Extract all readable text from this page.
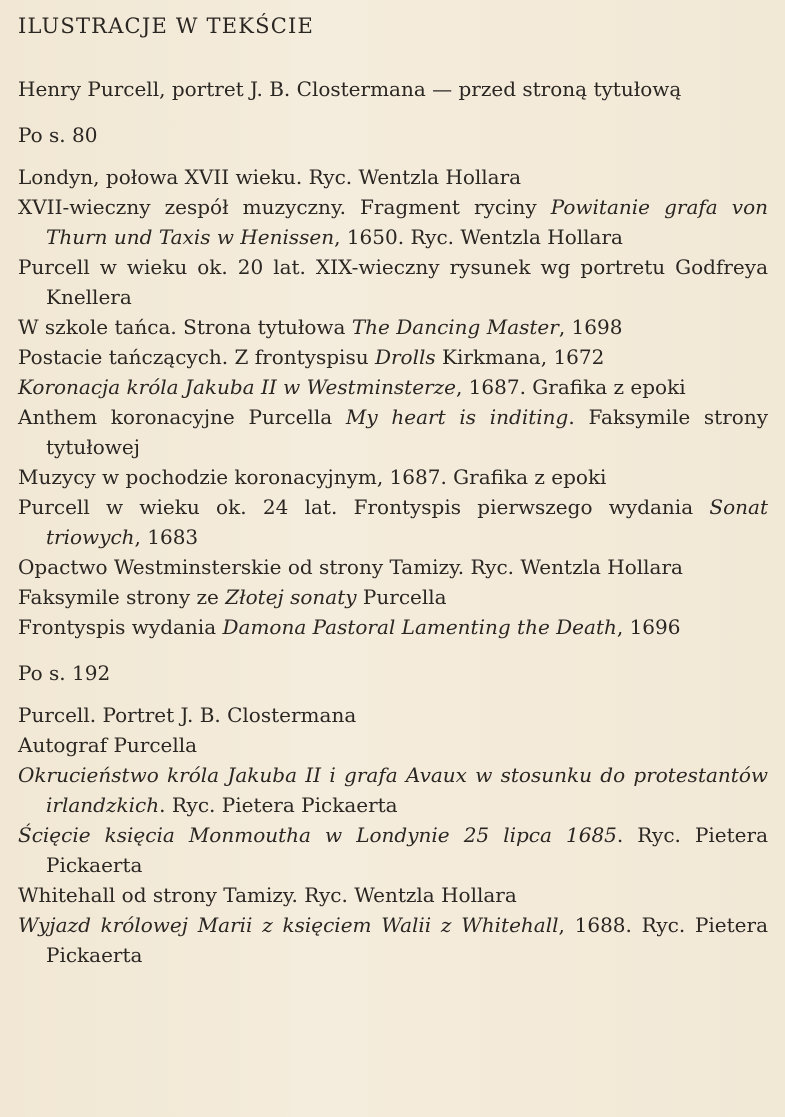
ILUSTRACJE W TEKŚCIE
Henry Purcell, portret J. B. Clostermana — przed stroną tytułową
Po s. 80
Londyn, połowa XVII wieku. Ryc. Wentzla Hollara
XVII-wieczny zespół muzyczny. Fragment ryciny Powitanie grafa von Thurn und Taxis w Henissen, 1650. Ryc. Wentzla Hollara
Purcell w wieku ok. 20 lat. XIX-wieczny rysunek wg portretu Godfreya Knellera
W szkole tańca. Strona tytułowa The Dancing Master, 1698
Postacie tańczących. Z frontyspisu Drolls Kirkmana, 1672
Koronacja króla Jakuba II w Westminsterze, 1687. Grafika z epoki
Anthem koronacyjne Purcella My heart is inditing. Faksymile strony tytułowej
Muzycy w pochodzie koronacyjnym, 1687. Grafika z epoki
Purcell w wieku ok. 24 lat. Frontyspis pierwszego wydania Sonat triowych, 1683
Opactwo Westminsterskie od strony Tamizy. Ryc. Wentzla Hollara
Faksymile strony ze Złotej sonaty Purcella
Frontyspis wydania Damona Pastoral Lamenting the Death, 1696
Po s. 192
Purcell. Portret J. B. Clostermana
Autograf Purcella
Okrucieństwo króla Jakuba II i grafa Avaux w stosunku do protestantów irlandzkich. Ryc. Pietera Pickaerta
Ścięcie księcia Monmoutha w Londynie 25 lipca 1685. Ryc. Pietera Pickaerta
Whitehall od strony Tamizy. Ryc. Wentzla Hollara
Wyjazd królowej Marii z księciem Walii z Whitehall, 1688. Ryc. Pietera Pickaerta
